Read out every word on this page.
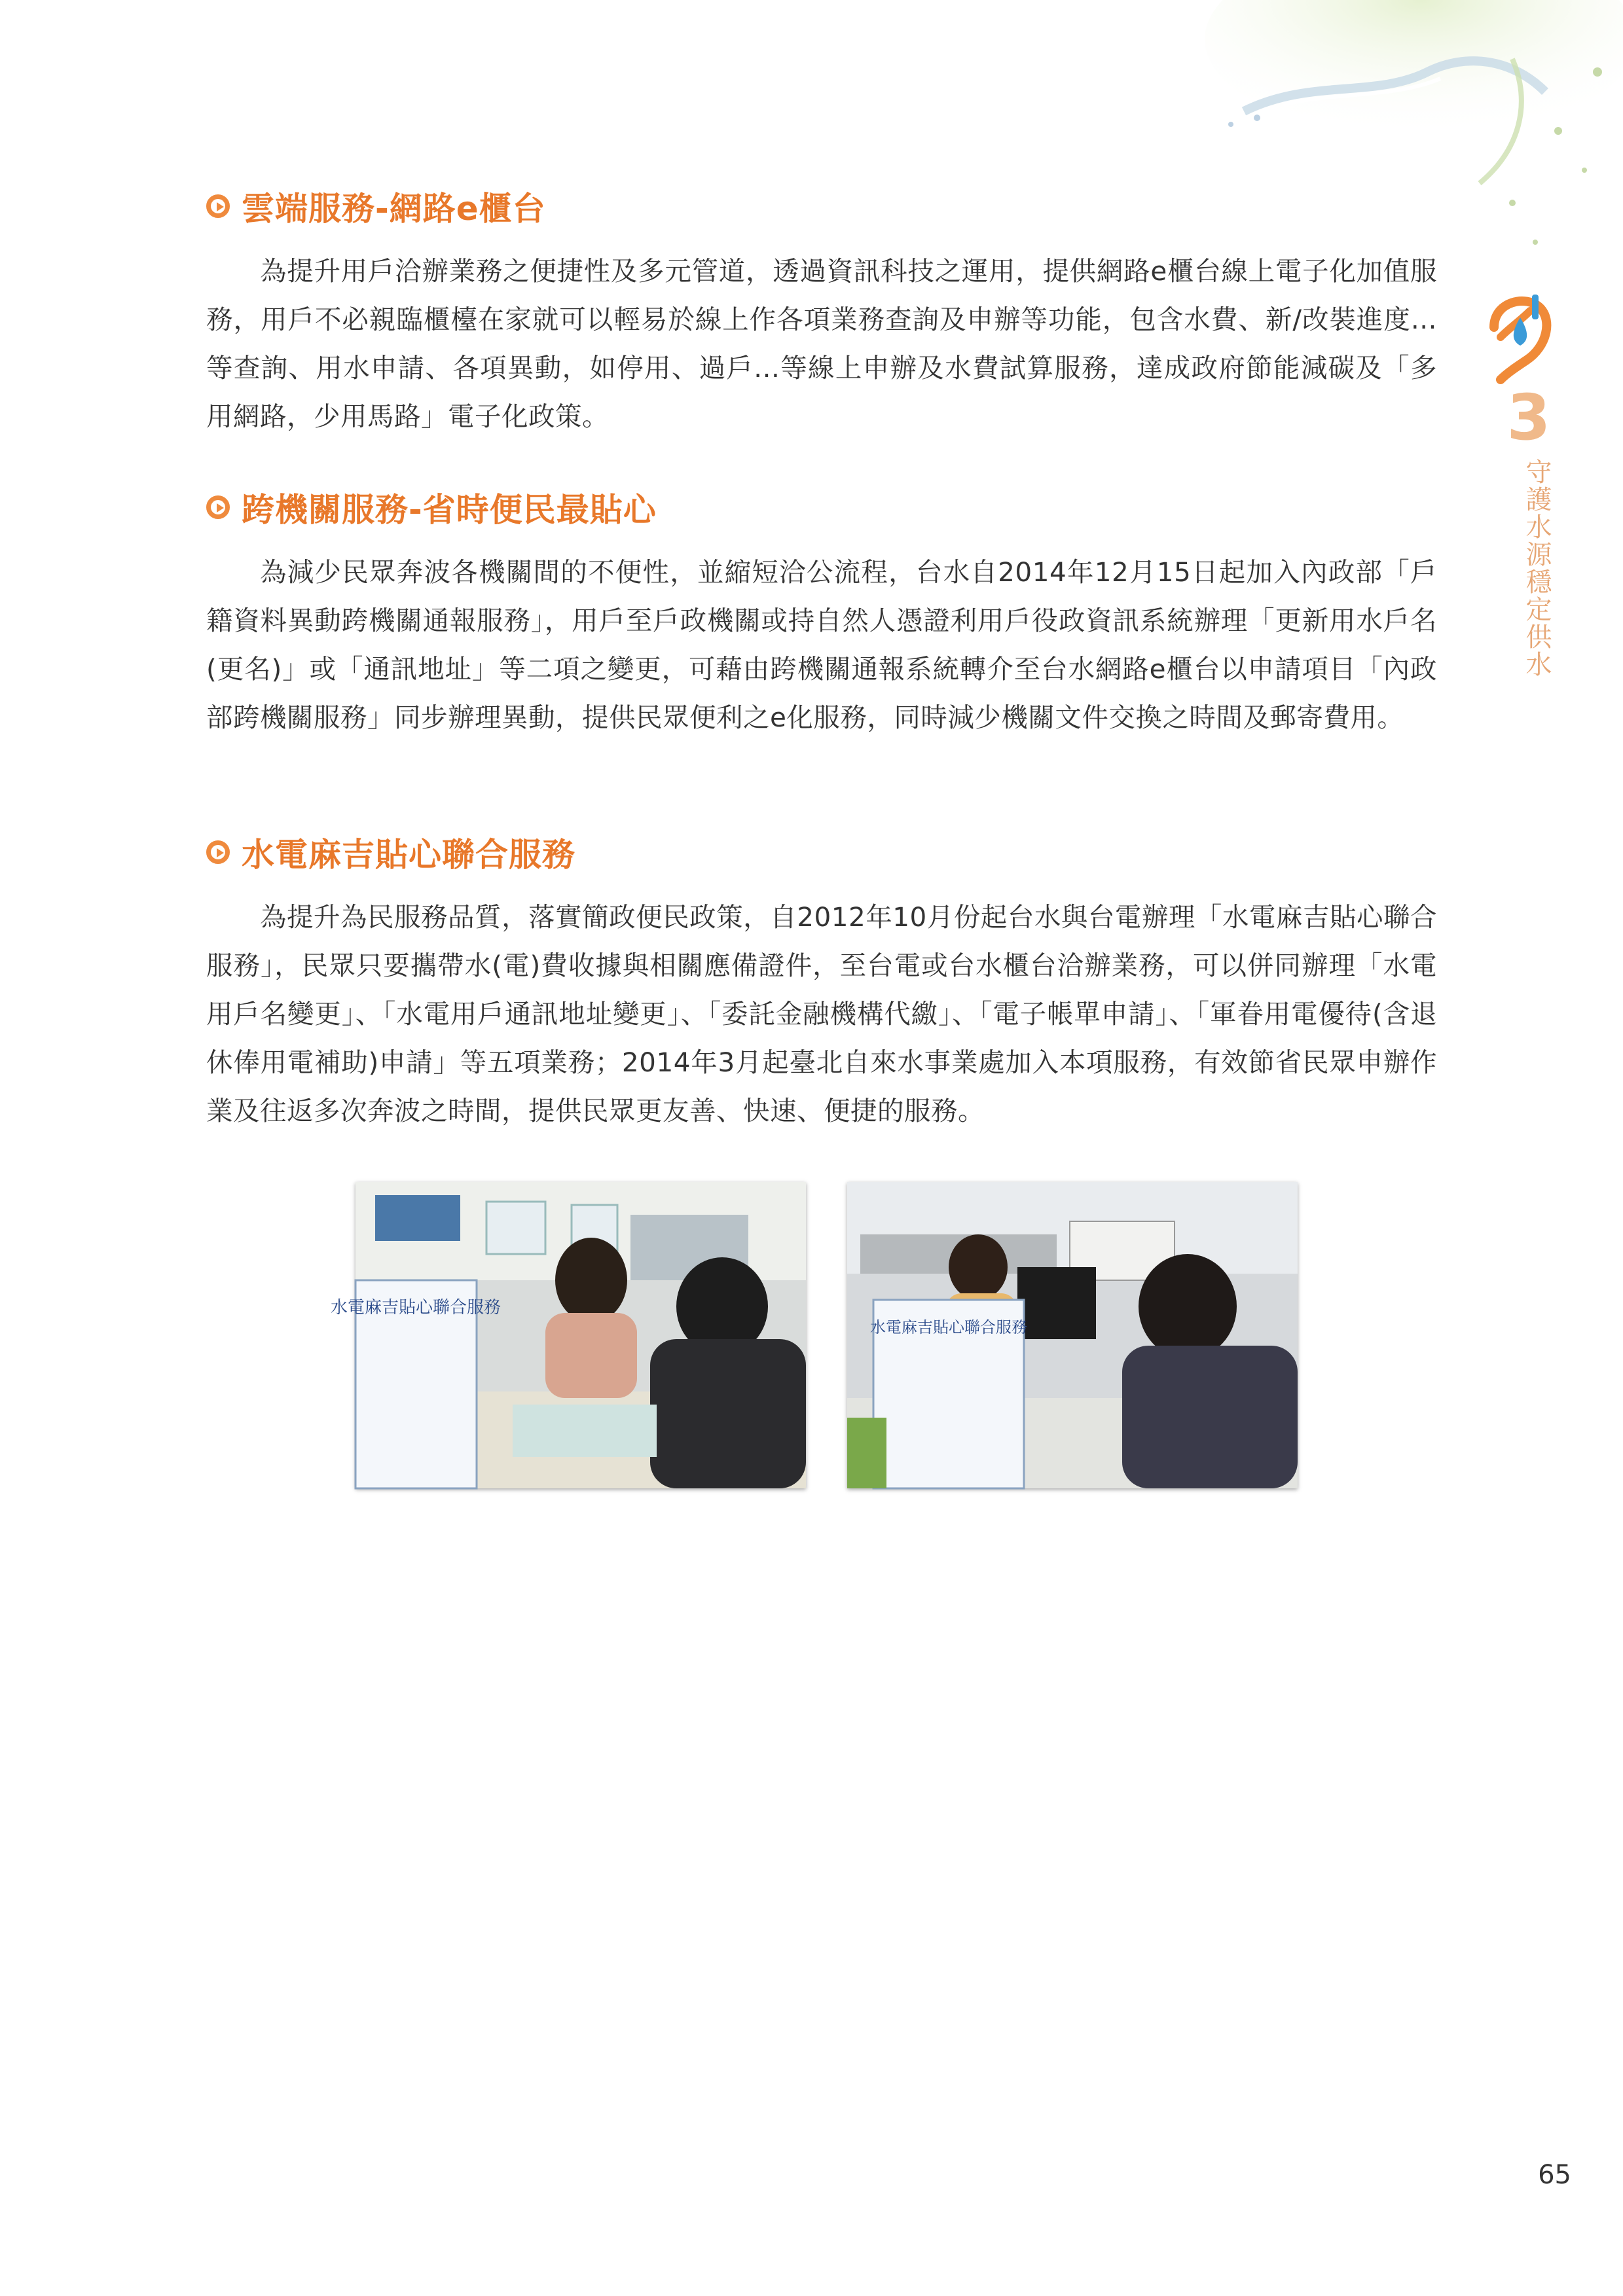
3
守護水源穩定供水
雲端服務-網路e櫃台
為提升用戶洽辦業務之便捷性及多元管道，透過資訊科技之運用，提供網路e櫃台線上電子化加值服務，用戶不必親臨櫃檯在家就可以輕易於線上作各項業務查詢及申辦等功能，包含水費、新/改裝進度...等查詢、用水申請、各項異動，如停用、過戶...等線上申辦及水費試算服務，達成政府節能減碳及「多用網路，少用馬路」電子化政策。
跨機關服務-省時便民最貼心
為減少民眾奔波各機關間的不便性，並縮短洽公流程，台水自2014年12月15日起加入內政部「戶籍資料異動跨機關通報服務」，用戶至戶政機關或持自然人憑證利用戶役政資訊系統辦理「更新用水戶名(更名)」或「通訊地址」等二項之變更，可藉由跨機關通報系統轉介至台水網路e櫃台以申請項目「內政部跨機關服務」同步辦理異動，提供民眾便利之e化服務，同時減少機關文件交換之時間及郵寄費用。
水電麻吉貼心聯合服務
為提升為民服務品質，落實簡政便民政策，自2012年10月份起台水與台電辦理「水電麻吉貼心聯合服務」，民眾只要攜帶水(電)費收據與相關應備證件，至台電或台水櫃台洽辦業務，可以併同辦理「水電用戶名變更」、「水電用戶通訊地址變更」、「委託金融機構代繳」、「電子帳單申請」、「軍眷用電優待(含退休俸用電補助)申請」等五項業務；2014年3月起臺北自來水事業處加入本項服務，有效節省民眾申辦作業及往返多次奔波之時間，提供民眾更友善、快速、便捷的服務。
水電麻吉貼心聯合服務
水電麻吉貼心聯合服務
65
